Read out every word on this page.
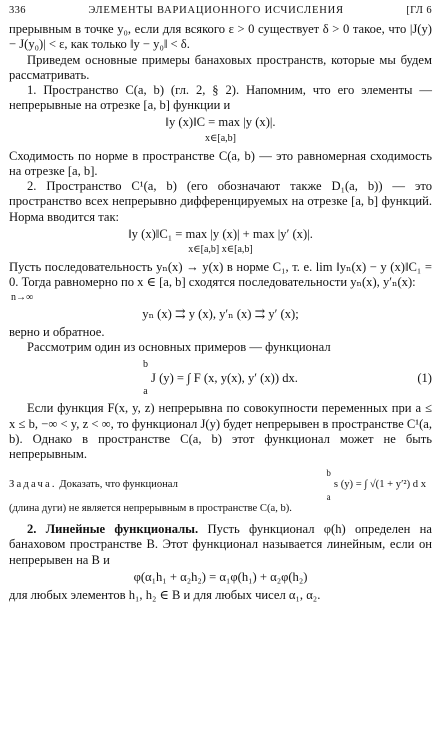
336	ЭЛЕМЕНТЫ ВАРИАЦИОННОГО ИСЧИСЛЕНИЯ	[ГЛ 6

прерывным в точке y₀, если для всякого ε > 0 существует δ > 0 такое, что |J(y) − J(y₀)| < ε, как только ‖y − y₀‖ < δ.

Приведем основные примеры банаховых пространств, которые мы будем рассматривать.

1. Пространство C(a, b) (гл. 2, § 2). Напомним, что его элементы — непрерывные на отрезке [a, b] функции и

‖y (x)‖C = max |y (x)|.
x∈[a,b]

Сходимость по норме в пространстве C(a, b) — это равномерная сходимость на отрезке [a, b].

2. Пространство C¹(a, b) (его обозначают также D₁(a, b)) — это пространство всех непрерывно дифференцируемых на отрезке [a, b] функций. Норма вводится так:

‖y (x)‖C₁ = max |y (x)| + max |y′ (x)|.
x∈[a,b] x∈[a,b]

Пусть последовательность yₙ(x) → y(x) в норме C₁, т. е. lim ‖yₙ(x) − y (x)‖C₁ = 0. Тогда равномерно по x ∈ [a, b] сходятся последовательности yₙ(x), y′ₙ(x):

n→∞
yₙ (x) ⇉ y (x), y′ₙ (x) ⇉ y′ (x);

верно и обратное.

Рассмотрим один из основных примеров — функционал

b
a
J (y) = ∫ F (x, y(x), y′ (x)) dx.	(1)

Если функция F(x, y, z) непрерывна по совокупности переменных при a ≤ x ≤ b, −∞ < y, z < ∞, то функционал J(y) будет непрерывен в пространстве C¹(a, b). Однако в пространстве C(a, b) этот функционал может не быть непрерывным.

Задача. Доказать, что функционал
b
a
s (y) = ∫ √(1 + y′²) d x
(длина дуги) не является непрерывным в пространстве C(a, b).

2. Линейные функционалы. Пусть функционал φ(h) определен на банаховом пространстве B. Этот функционал называется линейным, если он непрерывен на B и

φ(α₁h₁ + α₂h₂) = α₁φ(h₁) + α₂φ(h₂)

для любых элементов h₁, h₂ ∈ B и для любых чисел α₁, α₂.
